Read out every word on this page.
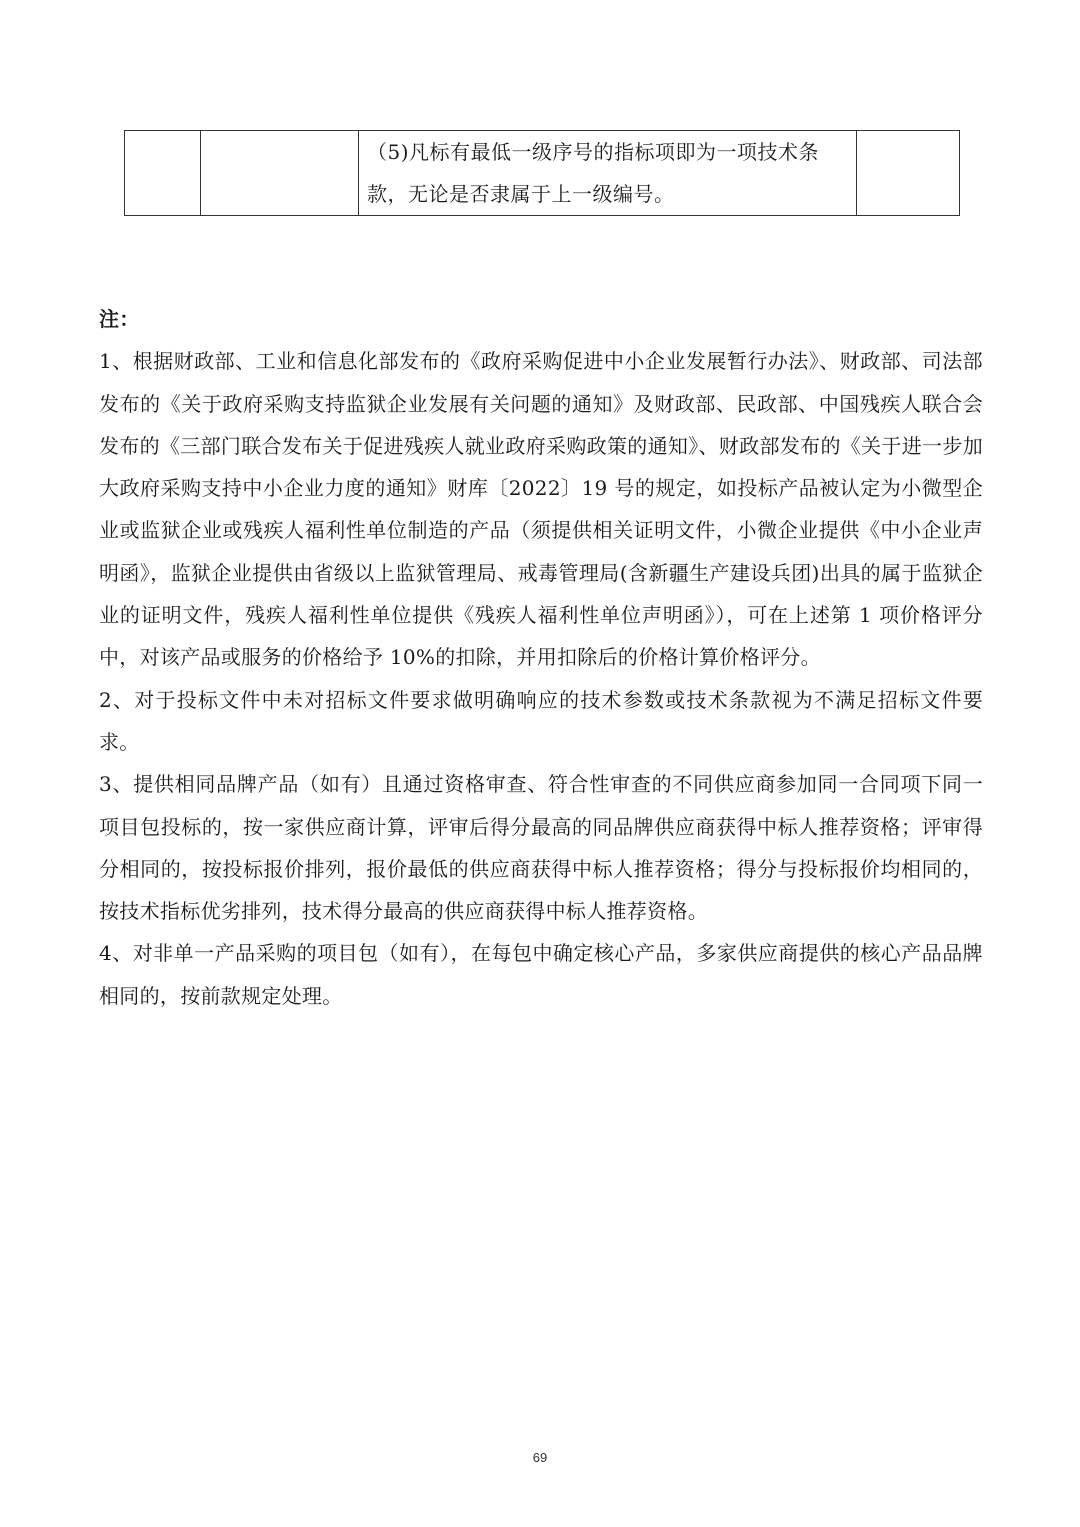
（5)凡标有最低一级序号的指标项即为一项技术条
款，无论是否隶属于上一级编号。

注：

1、根据财政部、工业和信息化部发布的《政府采购促进中小企业发展暂行办法》、财政部、司法部发布的《关于政府采购支持监狱企业发展有关问题的通知》及财政部、民政部、中国残疾人联合会发布的《三部门联合发布关于促进残疾人就业政府采购政策的通知》、财政部发布的《关于进一步加大政府采购支持中小企业力度的通知》财库〔2022〕19 号的规定，如投标产品被认定为小微型企业或监狱企业或残疾人福利性单位制造的产品（须提供相关证明文件，小微企业提供《中小企业声明函》，监狱企业提供由省级以上监狱管理局、戒毒管理局(含新疆生产建设兵团)出具的属于监狱企业的证明文件，残疾人福利性单位提供《残疾人福利性单位声明函》），可在上述第 1 项价格评分中，对该产品或服务的价格给予 10%的扣除，并用扣除后的价格计算价格评分。

2、对于投标文件中未对招标文件要求做明确响应的技术参数或技术条款视为不满足招标文件要求。

3、提供相同品牌产品（如有）且通过资格审查、符合性审查的不同供应商参加同一合同项下同一项目包投标的，按一家供应商计算，评审后得分最高的同品牌供应商获得中标人推荐资格；评审得分相同的，按投标报价排列，报价最低的供应商获得中标人推荐资格；得分与投标报价均相同的，按技术指标优劣排列，技术得分最高的供应商获得中标人推荐资格。

4、对非单一产品采购的项目包（如有），在每包中确定核心产品，多家供应商提供的核心产品品牌相同的，按前款规定处理。

69
